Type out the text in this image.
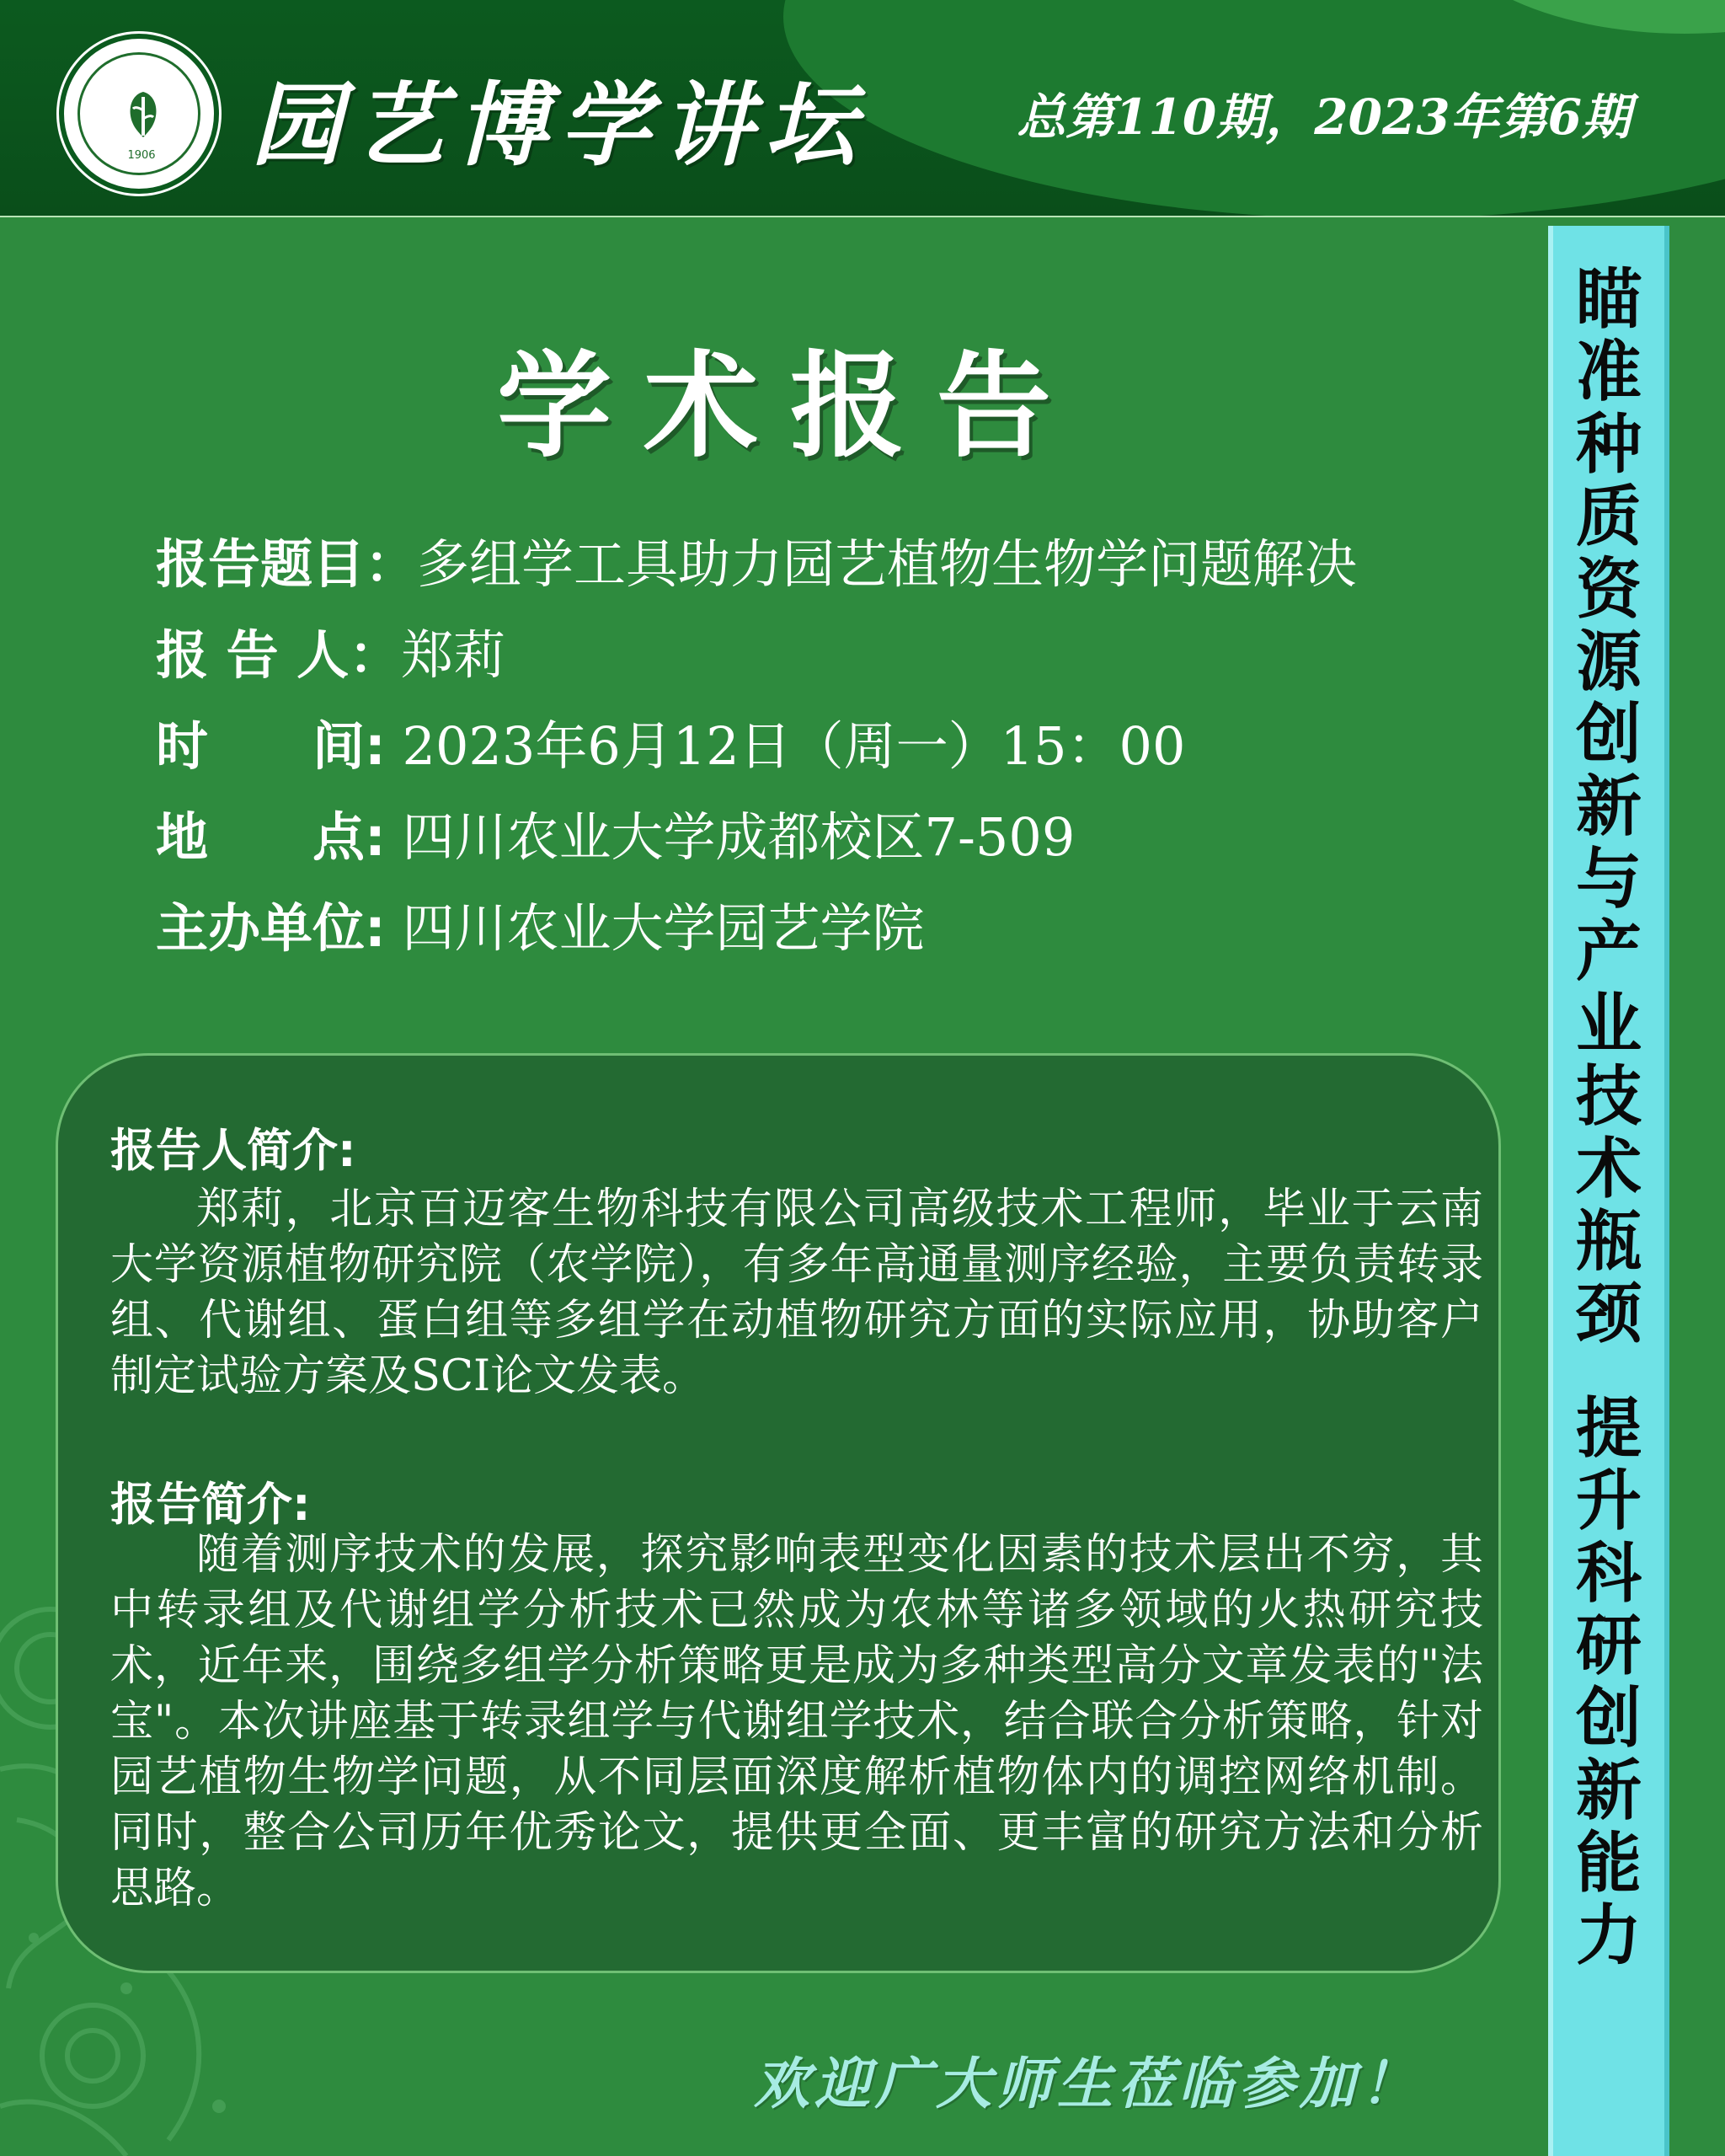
1906	园艺博学讲坛	总第110期，2023年第6期
瞄
准
种
质
资
源
创
新
与
产
业
技
术
瓶
颈
提
升
科
研
创
新
能
力
学术报告
报告题目：多组学工具助力园艺植物生物学问题解决
报 告 人：郑莉
时　　间: 2023年6月12日（周一）15：00
地　　点: 四川农业大学成都校区7-509
主办单位: 四川农业大学园艺学院
报告人简介:
郑莉，北京百迈客生物科技有限公司高级技术工程师，毕业于云南大学资源植物研究院（农学院），有多年高通量测序经验，主要负责转录组、代谢组、蛋白组等多组学在动植物研究方面的实际应用，协助客户制定试验方案及SCI论文发表。
报告简介:
随着测序技术的发展，探究影响表型变化因素的技术层出不穷，其中转录组及代谢组学分析技术已然成为农林等诸多领域的火热研究技术，近年来，围绕多组学分析策略更是成为多种类型高分文章发表的"法宝"。本次讲座基于转录组学与代谢组学技术，结合联合分析策略，针对园艺植物生物学问题，从不同层面深度解析植物体内的调控网络机制。同时，整合公司历年优秀论文，提供更全面、更丰富的研究方法和分析思路。
欢迎广大师生莅临参加！
